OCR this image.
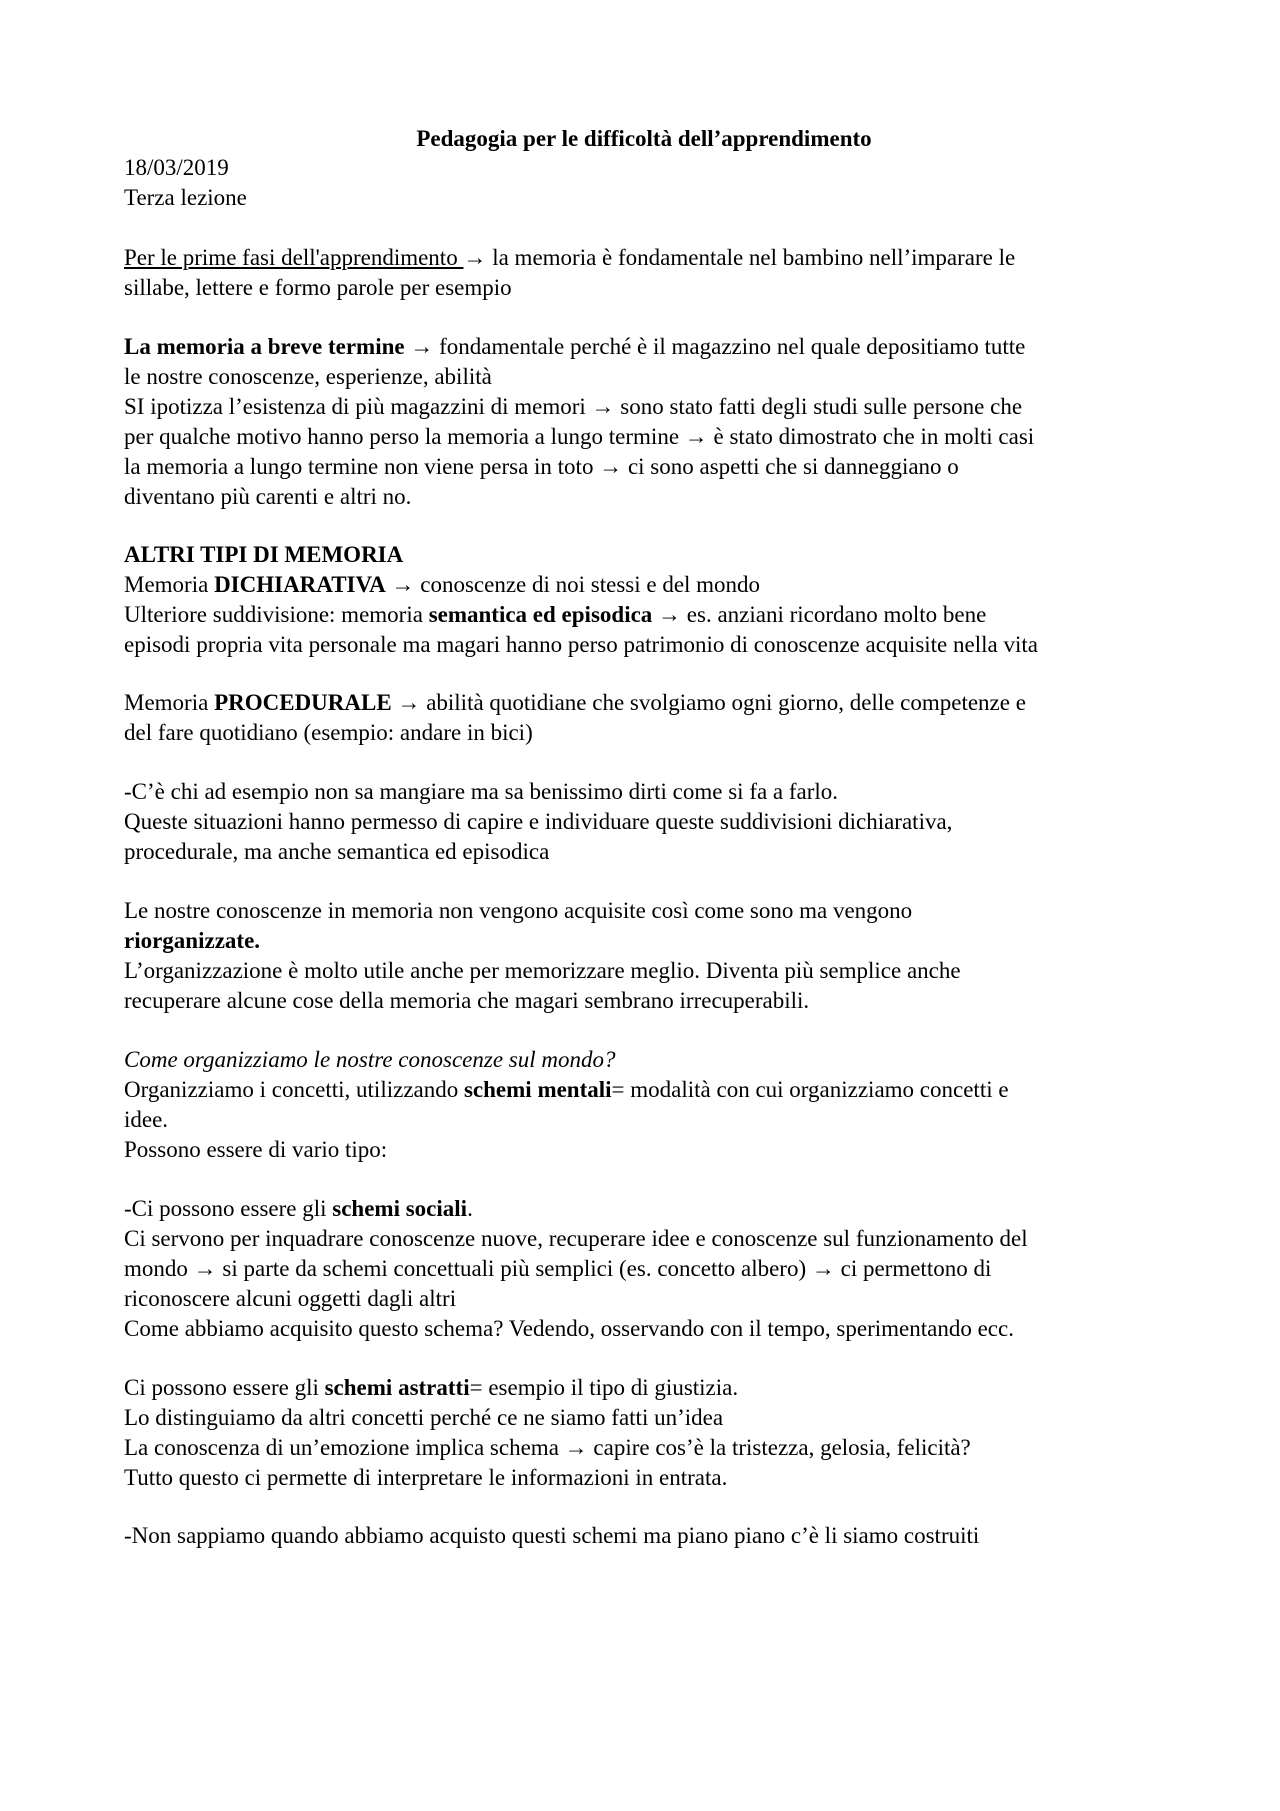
Pedagogia per le difficoltà dell’apprendimento
18/03/2019
Terza lezione
Per le prime fasi dell'apprendimento → la memoria è fondamentale nel bambino nell’imparare le
sillabe, lettere e formo parole per esempio
La memoria a breve termine → fondamentale perché è il magazzino nel quale depositiamo tutte
le nostre conoscenze, esperienze, abilità
SI ipotizza l’esistenza di più magazzini di memori → sono stato fatti degli studi sulle persone che
per qualche motivo hanno perso la memoria a lungo termine → è stato dimostrato che in molti casi
la memoria a lungo termine non viene persa in toto → ci sono aspetti che si danneggiano o
diventano più carenti e altri no.
ALTRI TIPI DI MEMORIA
Memoria DICHIARATIVA → conoscenze di noi stessi e del mondo
Ulteriore suddivisione: memoria semantica ed episodica → es. anziani ricordano molto bene
episodi propria vita personale ma magari hanno perso patrimonio di conoscenze acquisite nella vita
Memoria PROCEDURALE → abilità quotidiane che svolgiamo ogni giorno, delle competenze e
del fare quotidiano (esempio: andare in bici)
-C’è chi ad esempio non sa mangiare ma sa benissimo dirti come si fa a farlo.
Queste situazioni hanno permesso di capire e individuare queste suddivisioni dichiarativa,
procedurale, ma anche semantica ed episodica
Le nostre conoscenze in memoria non vengono acquisite così come sono ma vengono
riorganizzate.
L’organizzazione è molto utile anche per memorizzare meglio. Diventa più semplice anche
recuperare alcune cose della memoria che magari sembrano irrecuperabili.
Come organizziamo le nostre conoscenze sul mondo?
Organizziamo i concetti, utilizzando schemi mentali= modalità con cui organizziamo concetti e
idee.
Possono essere di vario tipo:
-Ci possono essere gli schemi sociali.
Ci servono per inquadrare conoscenze nuove, recuperare idee e conoscenze sul funzionamento del
mondo → si parte da schemi concettuali più semplici (es. concetto albero) → ci permettono di
riconoscere alcuni oggetti dagli altri
Come abbiamo acquisito questo schema? Vedendo, osservando con il tempo, sperimentando ecc.
Ci possono essere gli schemi astratti= esempio il tipo di giustizia.
Lo distinguiamo da altri concetti perché ce ne siamo fatti un’idea
La conoscenza di un’emozione implica schema → capire cos’è la tristezza, gelosia, felicità?
Tutto questo ci permette di interpretare le informazioni in entrata.
-Non sappiamo quando abbiamo acquisto questi schemi ma piano piano c’è li siamo costruiti
